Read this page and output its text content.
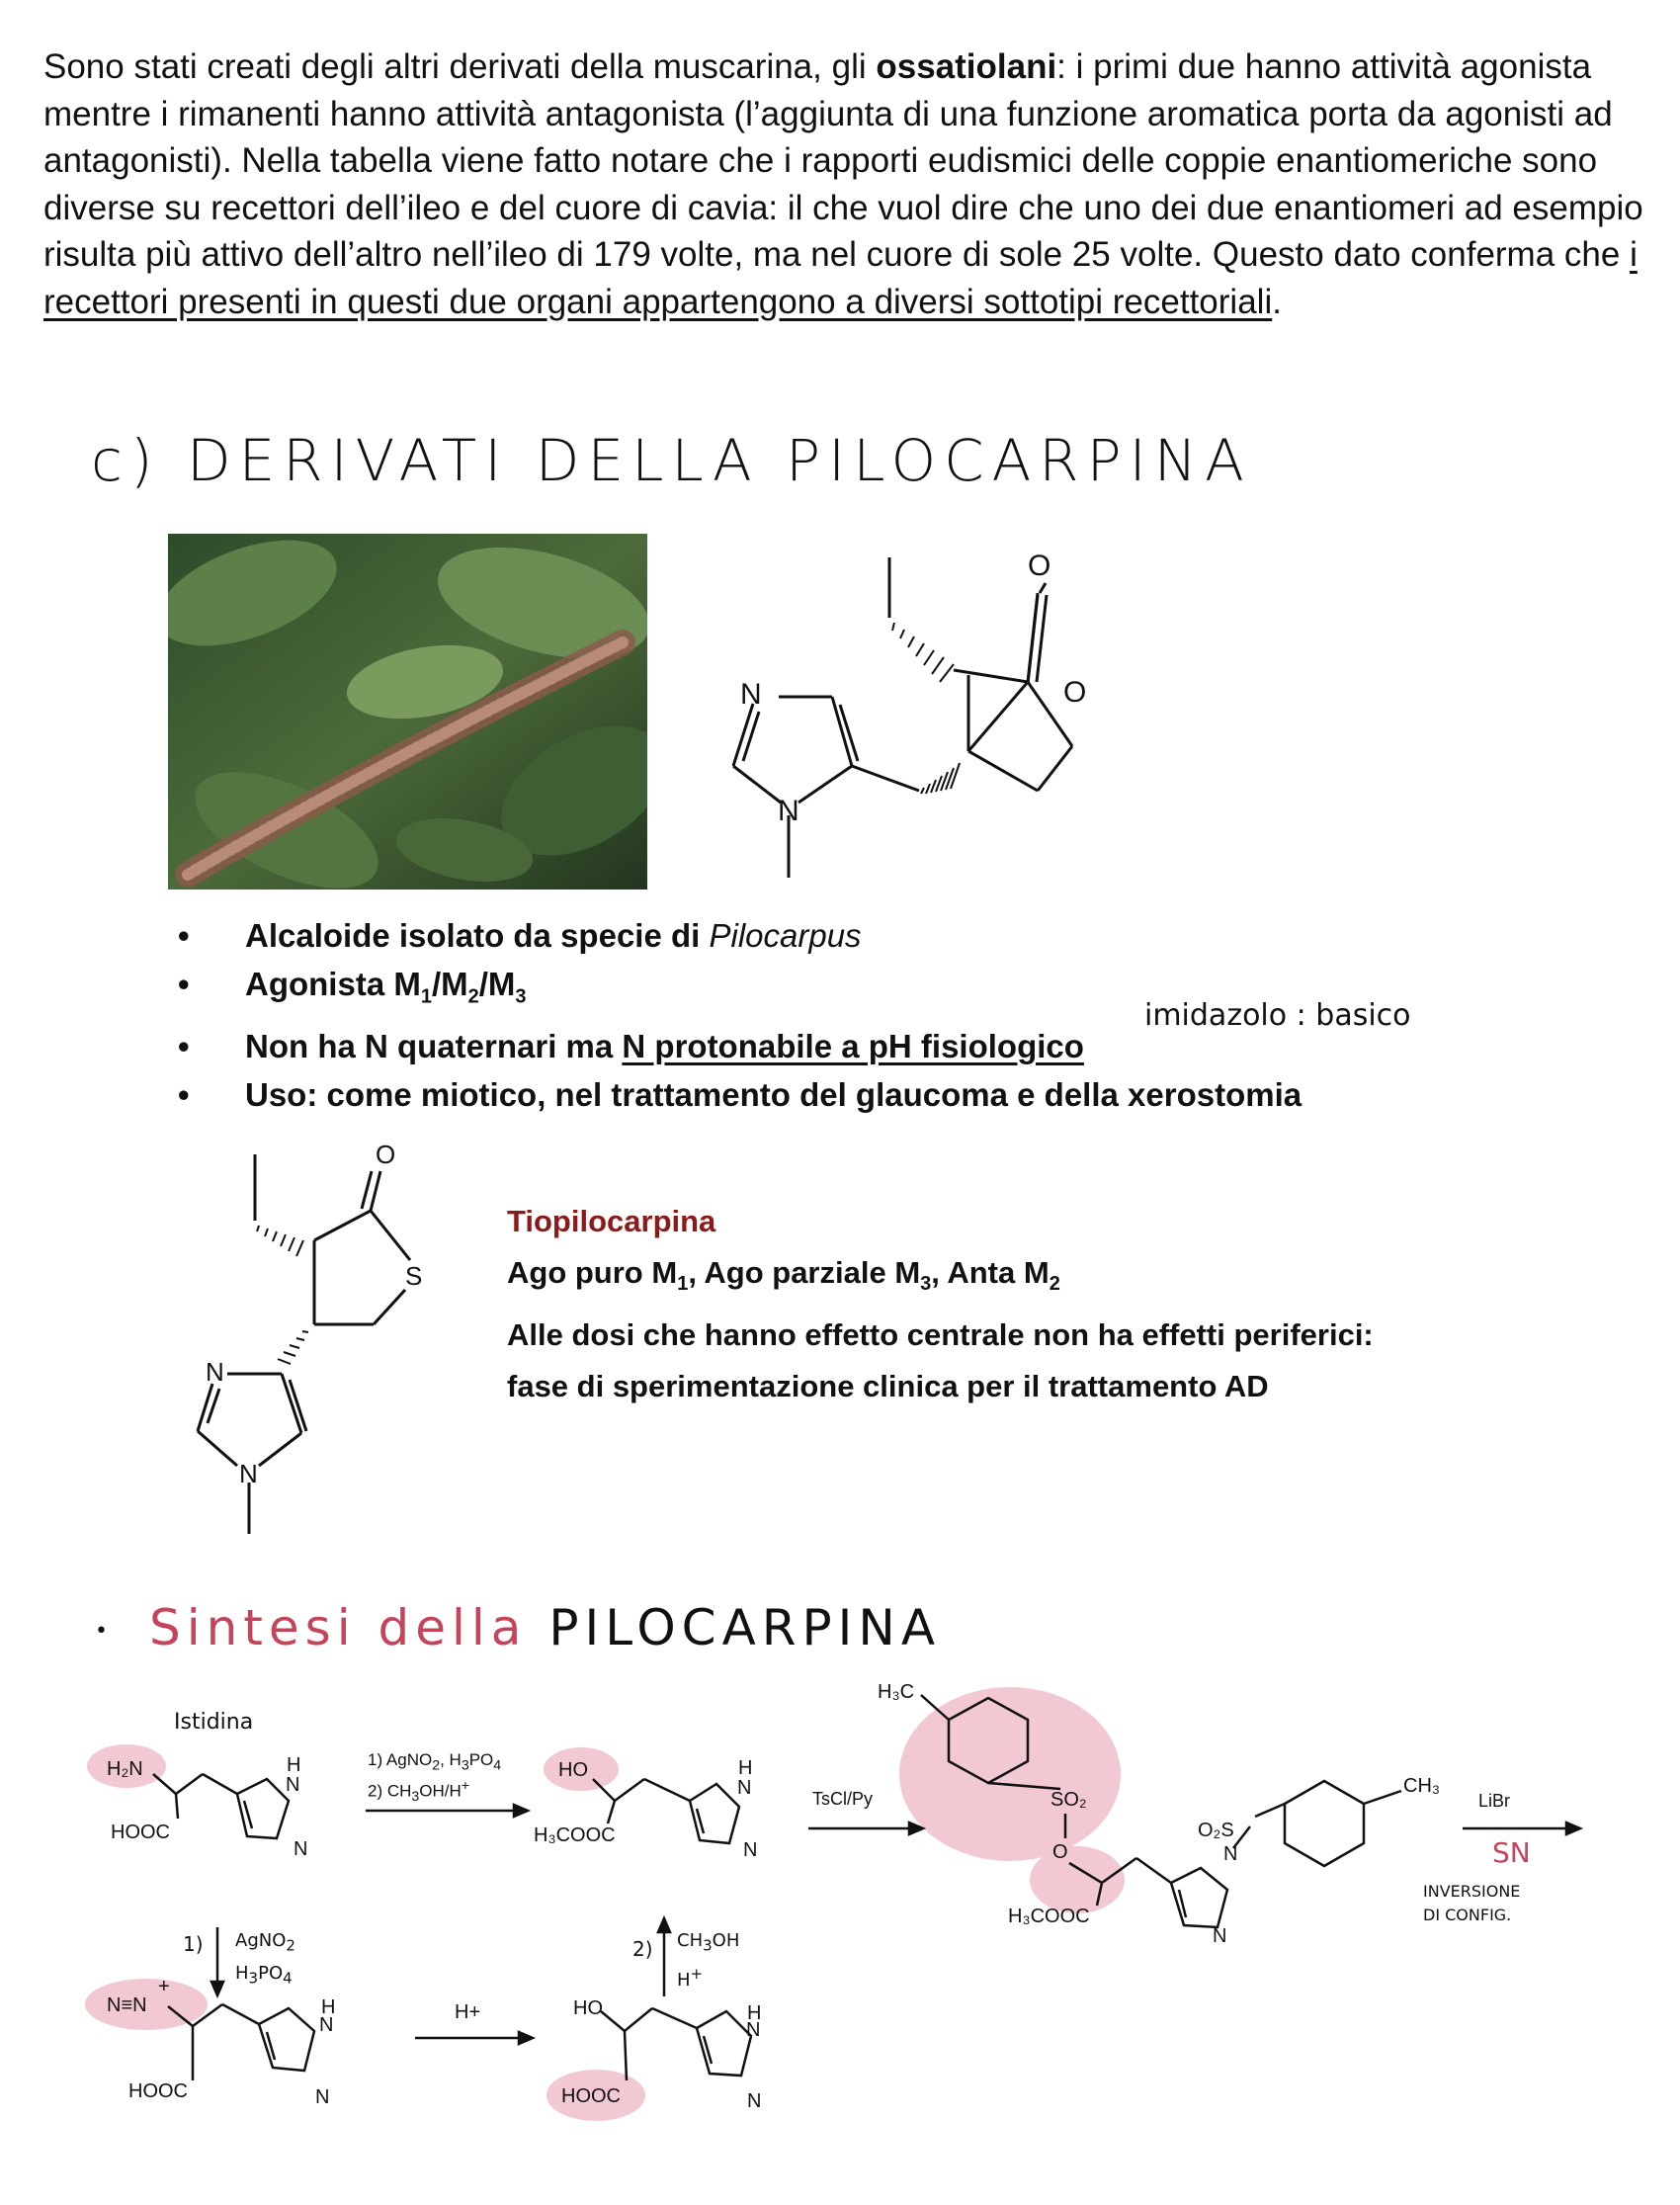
Sono stati creati degli altri derivati della muscarina, gli ossatiolani: i primi due hanno attività agonista mentre i rimanenti hanno attività antagonista (l’aggiunta di una funzione aromatica porta da agonisti ad antagonisti). Nella tabella viene fatto notare che i rapporti eudismici delle coppie enantiomeriche sono diverse su recettori dell’ileo e del cuore di cavia: il che vuol dire che uno dei due enantiomeri ad esempio risulta più attivo dell’altro nell’ileo di 179 volte, ma nel cuore di sole 25 volte. Questo dato conferma che i recettori presenti in questi due organi appartengono a diversi sottotipi recettoriali.
c) DERIVATI DELLA PILOCARPINA
N
N
O
O
•	Alcaloide isolato da specie di Pilocarpus
•	Agonista $M_1/M_2/M_3$
•	Non ha N quaternari ma N protonabile a pH fisiologico
•	Uso: come miotico, nel trattamento del glaucoma e della xerostomia
imidazolo : basico
O
S
N
N
Tiopilocarpina
Ago puro $M_1$, Ago parziale $M_3$, Anta $M_2$
Alle dosi che hanno effetto centrale non ha effetti periferici:
fase di sperimentazione clinica per il trattamento AD
• Sintesi della PILOCARPINA
H₂N
HOOC
H
N
N
HO
H₃COOC
H
N
N
H₃C
SO₂
O
H₃COOC
O₂S
N
N
CH₃
N≡N
+
HOOC
H
N
N
HO
HOOC
H
N
N
Istidina
1) AgNO$_2$, $H_3PO_4$
2) $CH_3OH/H^+$
TsCl/Py	LiBr
SN
INVERSIONE
DI CONFIG.
1) AgNO$_2$
$H_3PO_4$
2) $CH_3OH$
H+
H+
